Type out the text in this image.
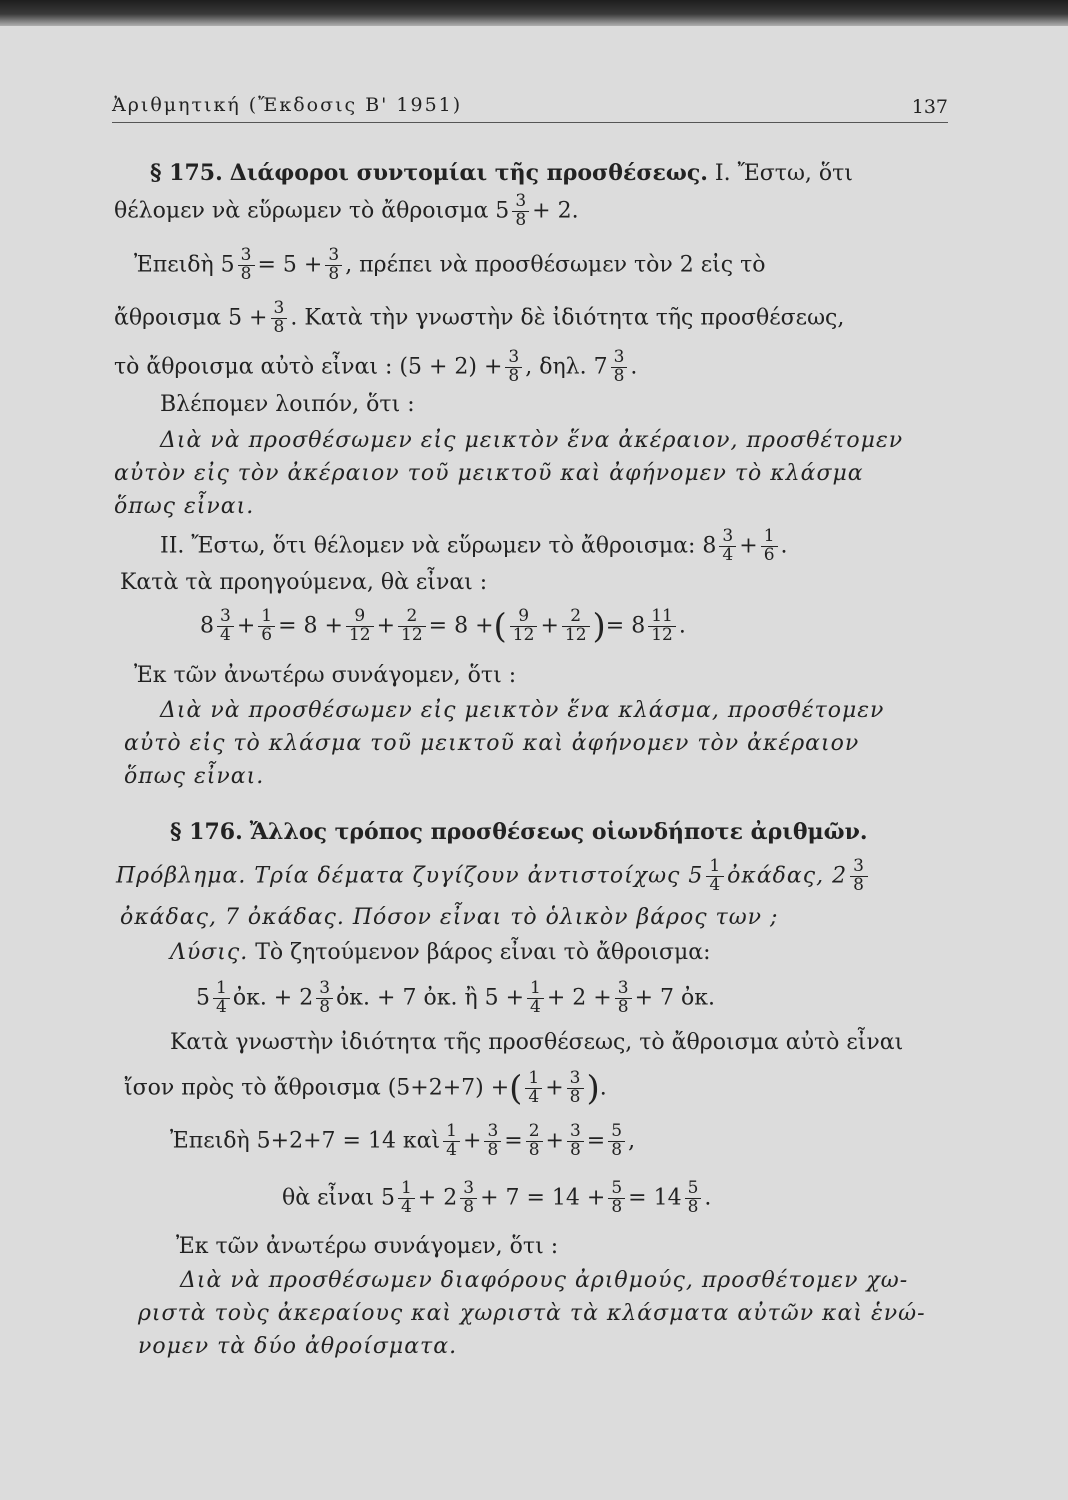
Ἀριθμητική (Ἔκδοσις Β' 1951)	137
§ 175. Διάφοροι συντομίαι τῆς προσθέσεως. I. Ἔστω, ὅτι
θέλομεν νὰ εὕρωμεν τὸ ἄθροισμα $5 \frac{3}{8} + 2$.
Ἐπειδὴ $5 \frac{3}{8} = 5 + \frac{3}{8}$ , πρέπει νὰ προσθέσωμεν τὸν 2 εἰς τὸ
ἄθροισμα $5 + \frac{3}{8}$ . Κατὰ τὴν γνωστὴν δὲ ἰδιότητα τῆς προσθέσεως,
τὸ ἄθροισμα αὐτὸ εἶναι : $(5 + 2) + \frac{3}{8}$ , δηλ. $7 \frac{3}{8}$ .
Βλέπομεν λοιπόν, ὅτι :
Διὰ νὰ προσθέσωμεν εἰς μεικτὸν ἕνα ἀκέραιον, προσθέτομεν
αὐτὸν εἰς τὸν ἀκέραιον τοῦ μεικτοῦ καὶ ἀφήνομεν τὸ κλάσμα
ὅπως εἶναι.
II. Ἔστω, ὅτι θέλομεν νὰ εὕρωμεν τὸ ἄθροισμα: $8 \frac{3}{4} + \frac{1}{6}$ .
Κατὰ τὰ προηγούμενα, θὰ εἶναι :
$8 \frac{3}{4} + \frac{1}{6} = 8 + \frac{9}{12} + \frac{2}{12} = 8$ +( $\frac{9}{12} + \frac{2}{12}$ )= $8 \frac{11}{12}$ .
Ἐκ τῶν ἀνωτέρω συνάγομεν, ὅτι :
Διὰ νὰ προσθέσωμεν εἰς μεικτὸν ἕνα κλάσμα, προσθέτομεν
αὐτὸ εἰς τὸ κλάσμα τοῦ μεικτοῦ καὶ ἀφήνομεν τὸν ἀκέραιον
ὅπως εἶναι.
§ 176. Ἄλλος τρόπος προσθέσεως οἱωνδήποτε ἀριθμῶν.
Πρόβλημα. Τρία δέματα ζυγίζουν ἀντιστοίχως $5 \frac{1}{4}$ ὀκάδας, $2 \frac{3}{8}$
ὀκάδας, 7 ὀκάδας. Πόσον εἶναι τὸ ὁλικὸν βάρος των ;
Λύσις. Τὸ ζητούμενον βάρος εἶναι τὸ ἄθροισμα:
$5 \frac{1}{4}$ ὀκ. + $2 \frac{3}{8}$ ὀκ. + 7 ὀκ. ἢ $5 + \frac{1}{4} + 2 + \frac{3}{8} + 7$ ὀκ.
Κατὰ γνωστὴν ἰδιότητα τῆς προσθέσεως, τὸ ἄθροισμα αὐτὸ εἶναι
ἴσον πρὸς τὸ ἄθροισμα (5+2+7) +( $\frac{1}{4} + \frac{3}{8}$ ).
Ἐπειδὴ 5+2+7 = 14 καὶ $\frac{1}{4} + \frac{3}{8} = \frac{2}{8} + \frac{3}{8} = \frac{5}{8}$ ,
θὰ εἶναι $5 \frac{1}{4} + 2 \frac{3}{8} + 7 = 14 + \frac{5}{8} = 14 \frac{5}{8}$ .
Ἐκ τῶν ἀνωτέρω συνάγομεν, ὅτι :
Διὰ νὰ προσθέσωμεν διαφόρους ἀριθμούς, προσθέτομεν χω-
ριστὰ τοὺς ἀκεραίους καὶ χωριστὰ τὰ κλάσματα αὐτῶν καὶ ἑνώ-
νομεν τὰ δύο ἀθροίσματα.
